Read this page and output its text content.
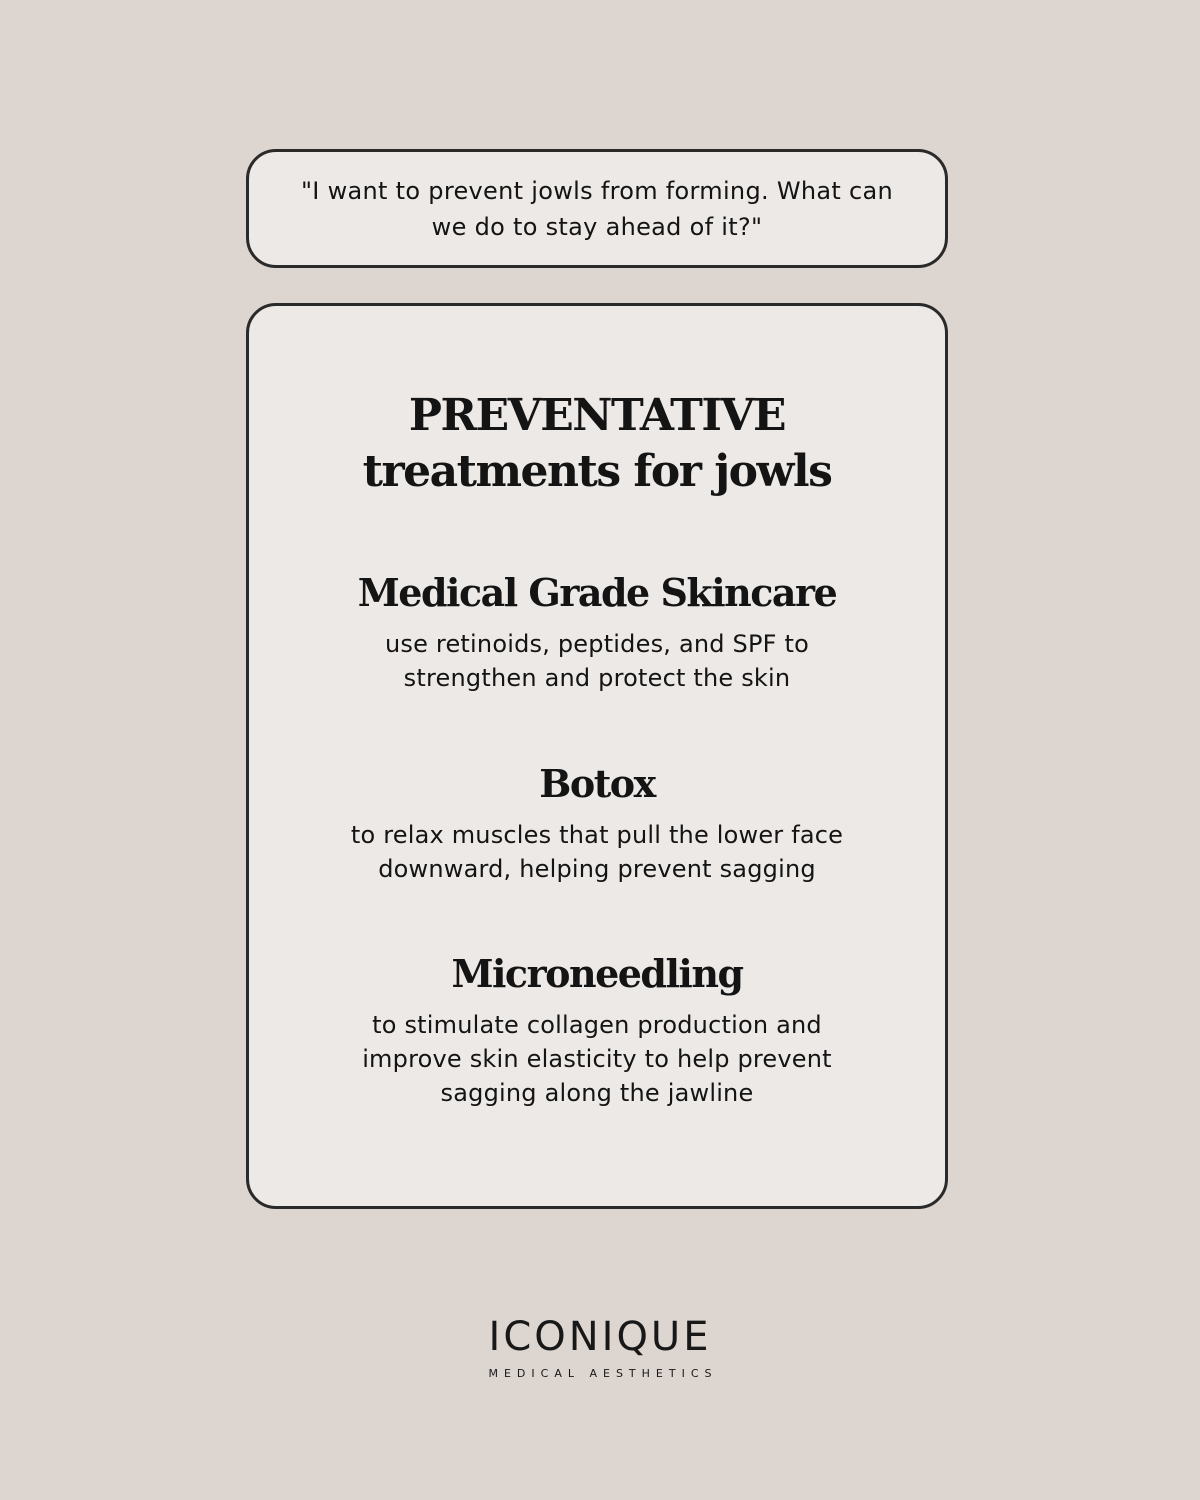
"I want to prevent jowls from forming. What can we do to stay ahead of it?"
PREVENTATIVE
treatments for jowls
Medical Grade Skincare

use retinoids, peptides, and SPF to strengthen and protect the skin

Botox

to relax muscles that pull the lower face downward, helping prevent sagging

Microneedling

to stimulate collagen production and improve skin elasticity to help prevent sagging along the jawline

ICONIQUE
MEDICAL AESTHETICS
